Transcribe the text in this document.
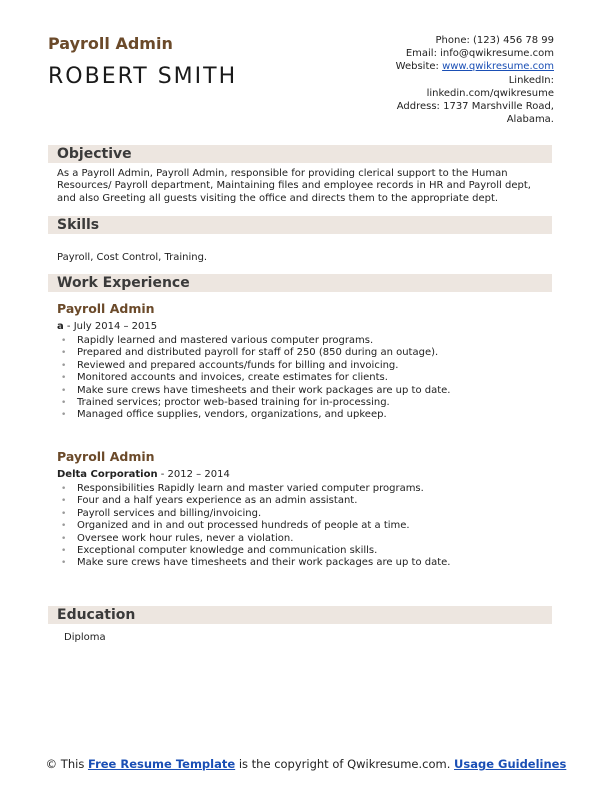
Payroll Admin
ROBERT SMITH
Phone: (123) 456 78 99
Email: info@qwikresume.com
Website: www.qwikresume.com
LinkedIn:
linkedin.com/qwikresume
Address: 1737 Marshville Road,
Alabama.
Objective
As a Payroll Admin, Payroll Admin, responsible for providing clerical support to the Human Resources/ Payroll department, Maintaining files and employee records in HR and Payroll dept, and also Greeting all guests visiting the office and directs them to the appropriate dept.
Skills
Payroll, Cost Control, Training.
Work Experience
Payroll Admin
a - July 2014 – 2015
• Rapidly learned and mastered various computer programs.
• Prepared and distributed payroll for staff of 250 (850 during an outage).
• Reviewed and prepared accounts/funds for billing and invoicing.
• Monitored accounts and invoices, create estimates for clients.
• Make sure crews have timesheets and their work packages are up to date.
• Trained services; proctor web-based training for in-processing.
• Managed office supplies, vendors, organizations, and upkeep.
Payroll Admin
Delta Corporation - 2012 – 2014
• Responsibilities Rapidly learn and master varied computer programs.
• Four and a half years experience as an admin assistant.
• Payroll services and billing/invoicing.
• Organized and in and out processed hundreds of people at a time.
• Oversee work hour rules, never a violation.
• Exceptional computer knowledge and communication skills.
• Make sure crews have timesheets and their work packages are up to date.
Education
Diploma
© This Free Resume Template is the copyright of Qwikresume.com. Usage Guidelines
